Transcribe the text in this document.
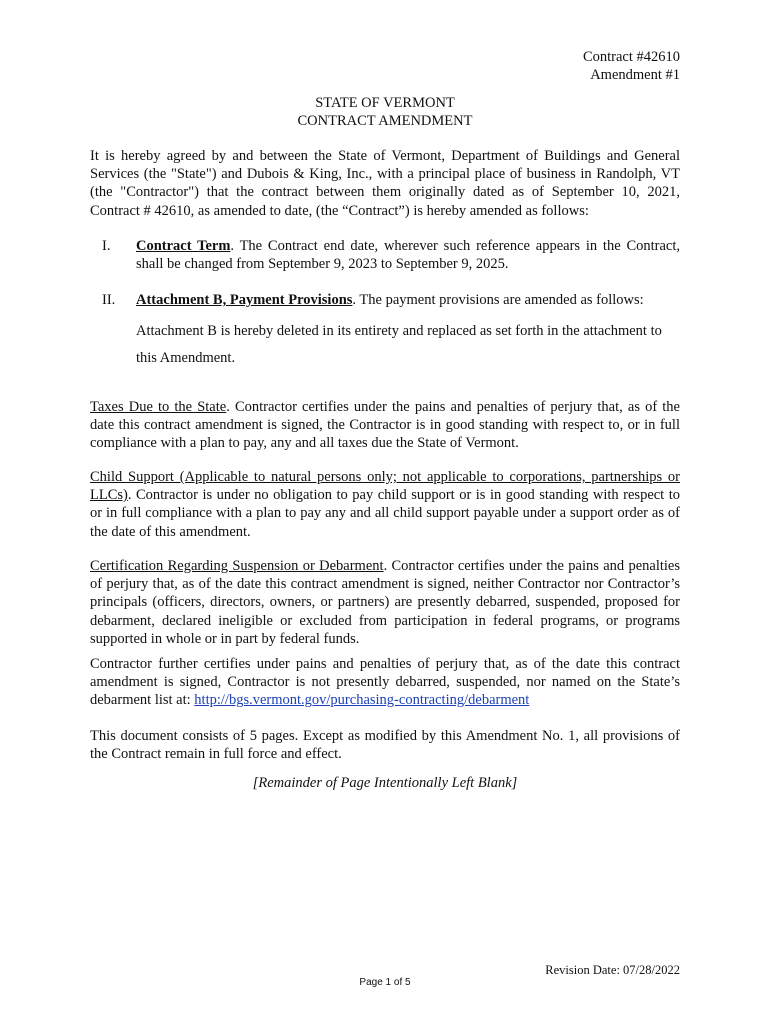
Contract #42610
Amendment #1
STATE OF VERMONT
CONTRACT AMENDMENT
It is hereby agreed by and between the State of Vermont, Department of Buildings and General Services (the "State") and Dubois & King, Inc., with a principal place of business in Randolph, VT (the "Contractor") that the contract between them originally dated as of September 10, 2021, Contract # 42610, as amended to date, (the “Contract”) is hereby amended as follows:
I. Contract Term. The Contract end date, wherever such reference appears in the Contract, shall be changed from September 9, 2023 to September 9, 2025.
II. Attachment B, Payment Provisions. The payment provisions are amended as follows:
Attachment B is hereby deleted in its entirety and replaced as set forth in the attachment to this Amendment.
Taxes Due to the State. Contractor certifies under the pains and penalties of perjury that, as of the date this contract amendment is signed, the Contractor is in good standing with respect to, or in full compliance with a plan to pay, any and all taxes due the State of Vermont.
Child Support (Applicable to natural persons only; not applicable to corporations, partnerships or LLCs). Contractor is under no obligation to pay child support or is in good standing with respect to or in full compliance with a plan to pay any and all child support payable under a support order as of the date of this amendment.
Certification Regarding Suspension or Debarment. Contractor certifies under the pains and penalties of perjury that, as of the date this contract amendment is signed, neither Contractor nor Contractor’s principals (officers, directors, owners, or partners) are presently debarred, suspended, proposed for debarment, declared ineligible or excluded from participation in federal programs, or programs supported in whole or in part by federal funds.
Contractor further certifies under pains and penalties of perjury that, as of the date this contract amendment is signed, Contractor is not presently debarred, suspended, nor named on the State’s debarment list at: http://bgs.vermont.gov/purchasing-contracting/debarment
This document consists of 5 pages. Except as modified by this Amendment No. 1, all provisions of the Contract remain in full force and effect.
[Remainder of Page Intentionally Left Blank]
Revision Date: 07/28/2022
Page 1 of 5
